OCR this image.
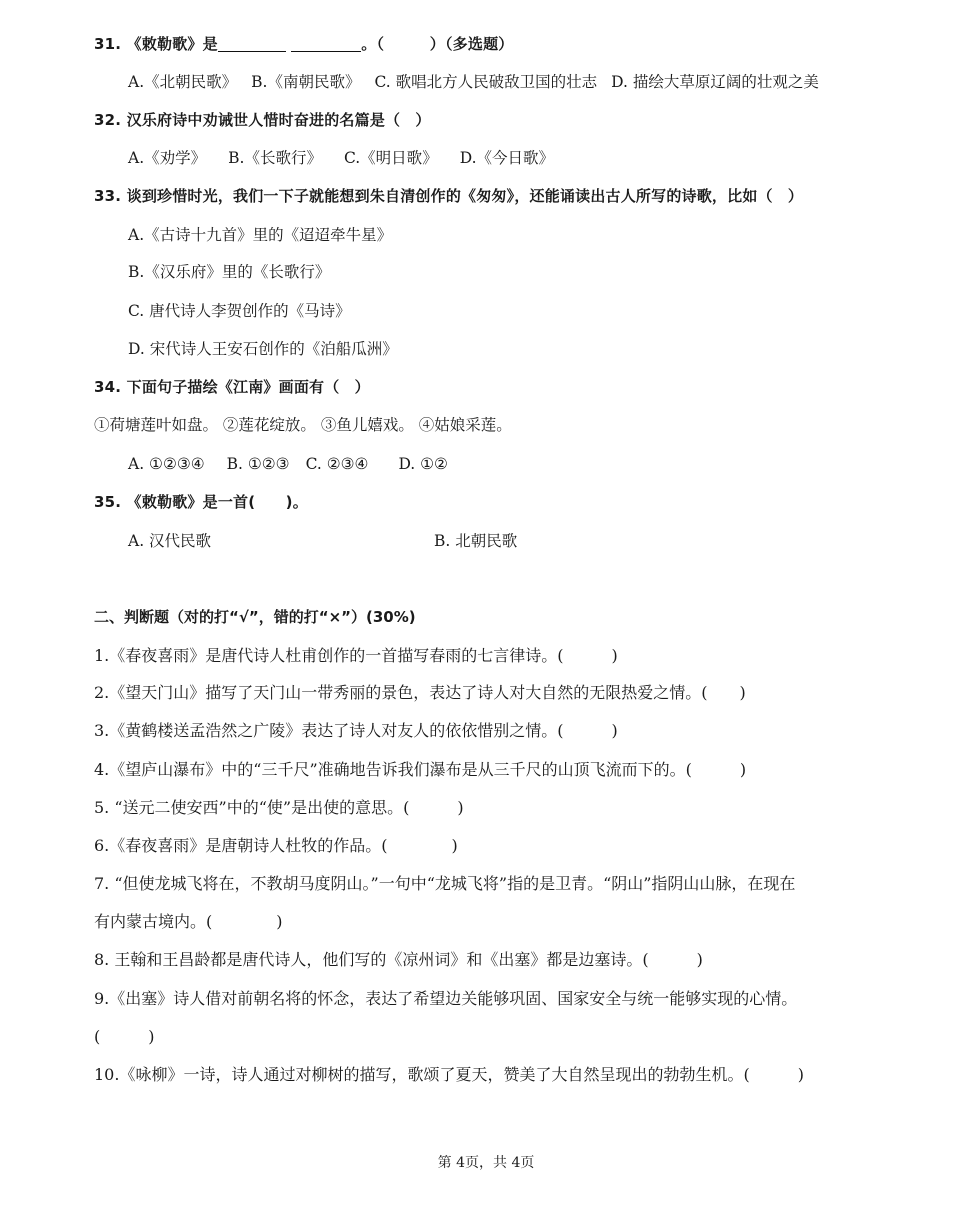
31. 《敕勒歌》是	。（　　　）（多选题）
A.《北朝民歌》 B.《南朝民歌》 C. 歌唱北方人民破敌卫国的壮志 D. 描绘大草原辽阔的壮观之美
32. 汉乐府诗中劝诫世人惜时奋进的名篇是（　）
A.《劝学》 B.《长歌行》 C.《明日歌》 D.《今日歌》
33. 谈到珍惜时光，我们一下子就能想到朱自清创作的《匆匆》，还能诵读出古人所写的诗歌，比如（　）
A.《古诗十九首》里的《迢迢牵牛星》
B.《汉乐府》里的《长歌行》
C. 唐代诗人李贺创作的《马诗》
D. 宋代诗人王安石创作的《泊船瓜洲》
34. 下面句子描绘《江南》画面有（　）
①荷塘莲叶如盘。 ②莲花绽放。 ③鱼儿嬉戏。 ④姑娘采莲。
A. ①②③④ B. ①②③ C. ②③④ D. ①②
35. 《敕勒歌》是一首(　　)。
A. 汉代民歌	B. 北朝民歌
二、判断题（对的打“√”，错的打“×”）(30%)
1.《春夜喜雨》是唐代诗人杜甫创作的一首描写春雨的七言律诗。(　　　)
2.《望天门山》描写了天门山一带秀丽的景色，表达了诗人对大自然的无限热爱之情。(　　)
3.《黄鹤楼送孟浩然之广陵》表达了诗人对友人的依依惜别之情。(　　　)
4.《望庐山瀑布》中的“三千尺”准确地告诉我们瀑布是从三千尺的山顶飞流而下的。(　　　)
5. “送元二使安西”中的“使”是出使的意思。(　　　)
6.《春夜喜雨》是唐朝诗人杜牧的作品。(　　　　)
7. “但使龙城飞将在，不教胡马度阴山。”一句中“龙城飞将”指的是卫青。“阴山”指阴山山脉，在现在
有内蒙古境内。(　　　　)
8. 王翰和王昌龄都是唐代诗人，他们写的《凉州词》和《出塞》都是边塞诗。(　　　)
9.《出塞》诗人借对前朝名将的怀念，表达了希望边关能够巩固、国家安全与统一能够实现的心情。
(　　　)
10.《咏柳》一诗，诗人通过对柳树的描写，歌颂了夏天，赞美了大自然呈现出的勃勃生机。(　　　)
第 4页，共 4页
